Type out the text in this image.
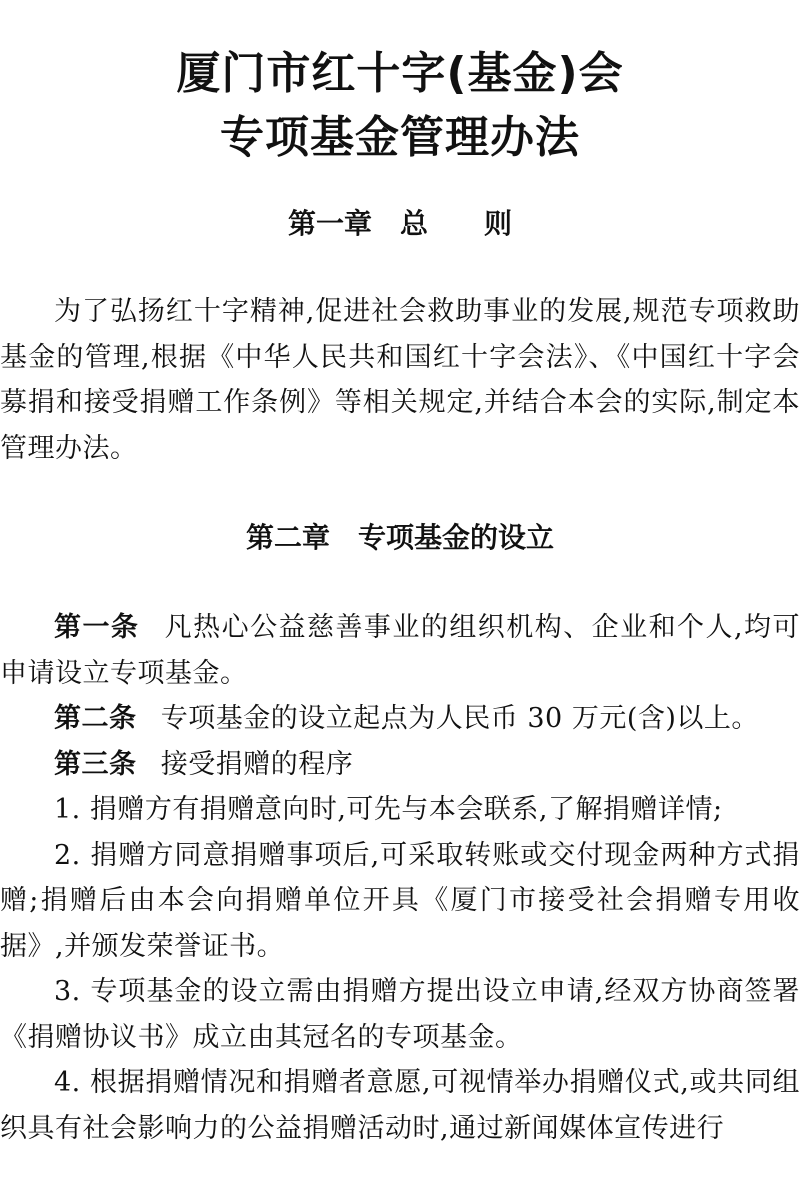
厦门市红十字(基金)会
专项基金管理办法
第一章　总　　则

为了弘扬红十字精神,促进社会救助事业的发展,规范专项救助基金的管理,根据《中华人民共和国红十字会法》、《中国红十字会募捐和接受捐赠工作条例》等相关规定,并结合本会的实际,制定本管理办法。

第二章　专项基金的设立

第一条 凡热心公益慈善事业的组织机构、企业和个人,均可申请设立专项基金。

第二条 专项基金的设立起点为人民币 30 万元(含)以上。

第三条 接受捐赠的程序

1. 捐赠方有捐赠意向时,可先与本会联系,了解捐赠详情;

2. 捐赠方同意捐赠事项后,可采取转账或交付现金两种方式捐赠;捐赠后由本会向捐赠单位开具《厦门市接受社会捐赠专用收据》,并颁发荣誉证书。

3. 专项基金的设立需由捐赠方提出设立申请,经双方协商签署《捐赠协议书》成立由其冠名的专项基金。

4. 根据捐赠情况和捐赠者意愿,可视情举办捐赠仪式,或共同组织具有社会影响力的公益捐赠活动时,通过新闻媒体宣传进行
